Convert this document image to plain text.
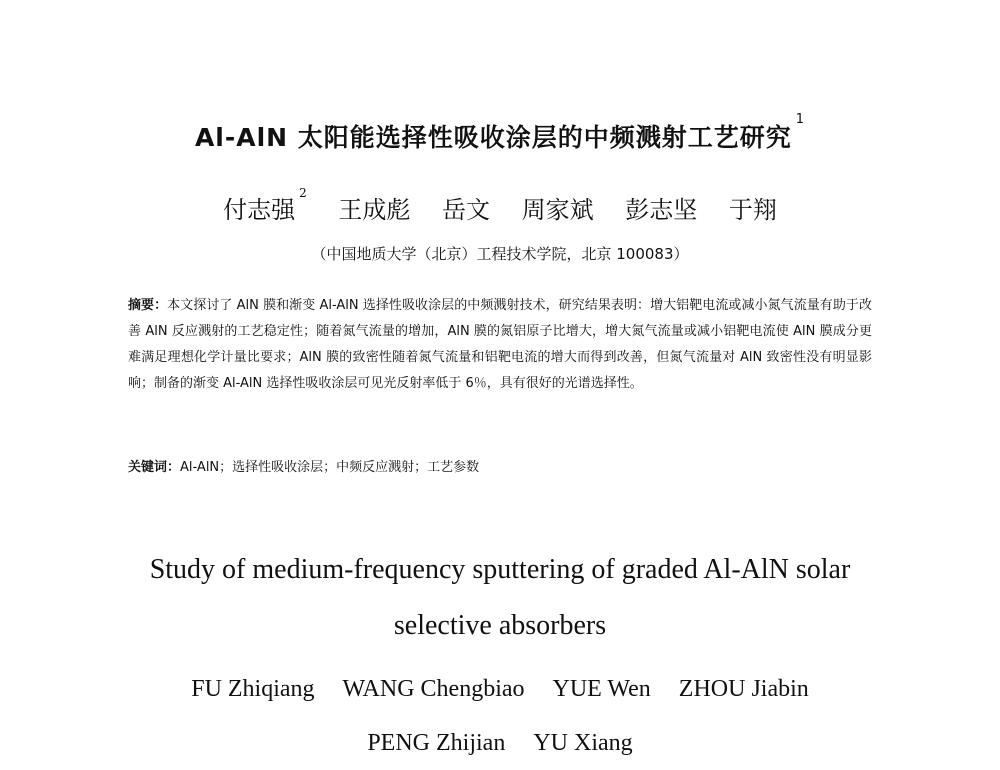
Al-AlN 太阳能选择性吸收涂层的中频溅射工艺研究$^1$
付志强$^2$ 王成彪 岳文 周家斌 彭志坚 于翔
（中国地质大学（北京）工程技术学院，北京 100083）
摘要：本文探讨了 AlN 膜和渐变 Al-AlN 选择性吸收涂层的中频溅射技术，研究结果表明：增大铝靶电流或减小氮气流量有助于改善 AlN 反应溅射的工艺稳定性；随着氮气流量的增加，AlN 膜的氮铝原子比增大，增大氮气流量或减小铝靶电流使 AlN 膜成分更难满足理想化学计量比要求；AlN 膜的致密性随着氮气流量和铝靶电流的增大而得到改善，但氮气流量对 AlN 致密性没有明显影响；制备的渐变 Al-AlN 选择性吸收涂层可见光反射率低于 6％，具有很好的光谱选择性。
关键词：Al-AlN；选择性吸收涂层；中频反应溅射；工艺参数
Study of medium-frequency sputtering of graded Al-AlN solar
selective absorbers
FU Zhiqiang WANG Chengbiao YUE Wen ZHOU Jiabin
PENG Zhijian YU Xiang
